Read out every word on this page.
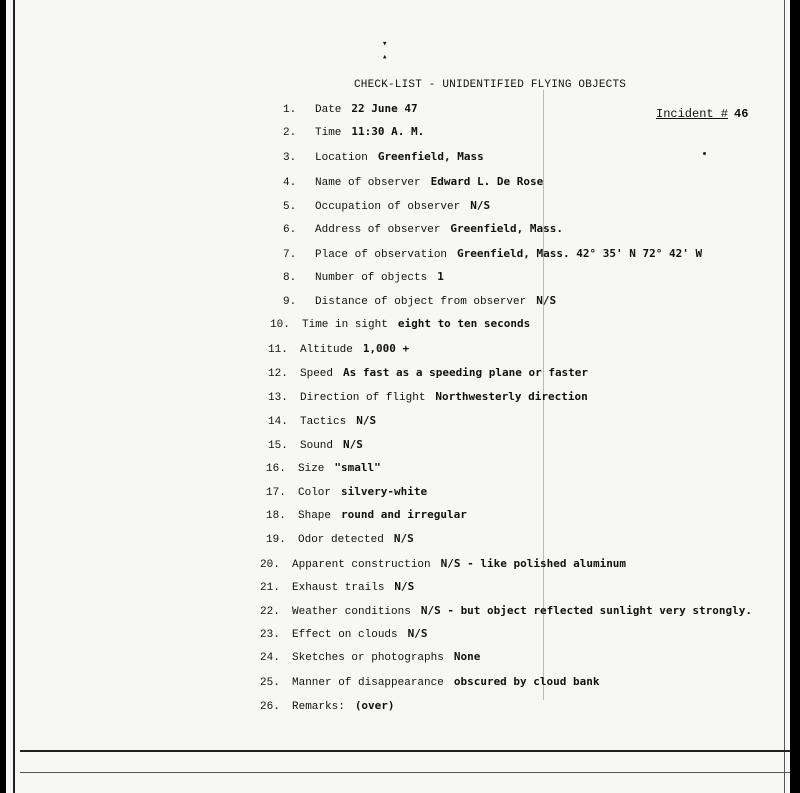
▾
▴
CHECK-LIST - UNIDENTIFIED FLYING OBJECTS
Incident # 46
1. Date 22 June 47
2. Time 11:30 A. M.
3. Location Greenfield, Mass
4. Name of observer Edward L. De Rose
5. Occupation of observer N/S
6. Address of observer Greenfield, Mass.
7. Place of observation Greenfield, Mass. 42° 35' N 72° 42' W
8. Number of objects 1
9. Distance of object from observer N/S
10. Time in sight eight to ten seconds
11. Altitude 1,000 +
12. Speed As fast as a speeding plane or faster
13. Direction of flight Northwesterly direction
14. Tactics N/S
15. Sound N/S
16. Size "small"
17. Color silvery-white
18. Shape round and irregular
19. Odor detected N/S
20. Apparent construction N/S - like polished aluminum
21. Exhaust trails N/S
22. Weather conditions N/S - but object reflected sunlight very strongly.
23. Effect on clouds N/S
24. Sketches or photographs None
25. Manner of disappearance obscured by cloud bank
26. Remarks: (over)
